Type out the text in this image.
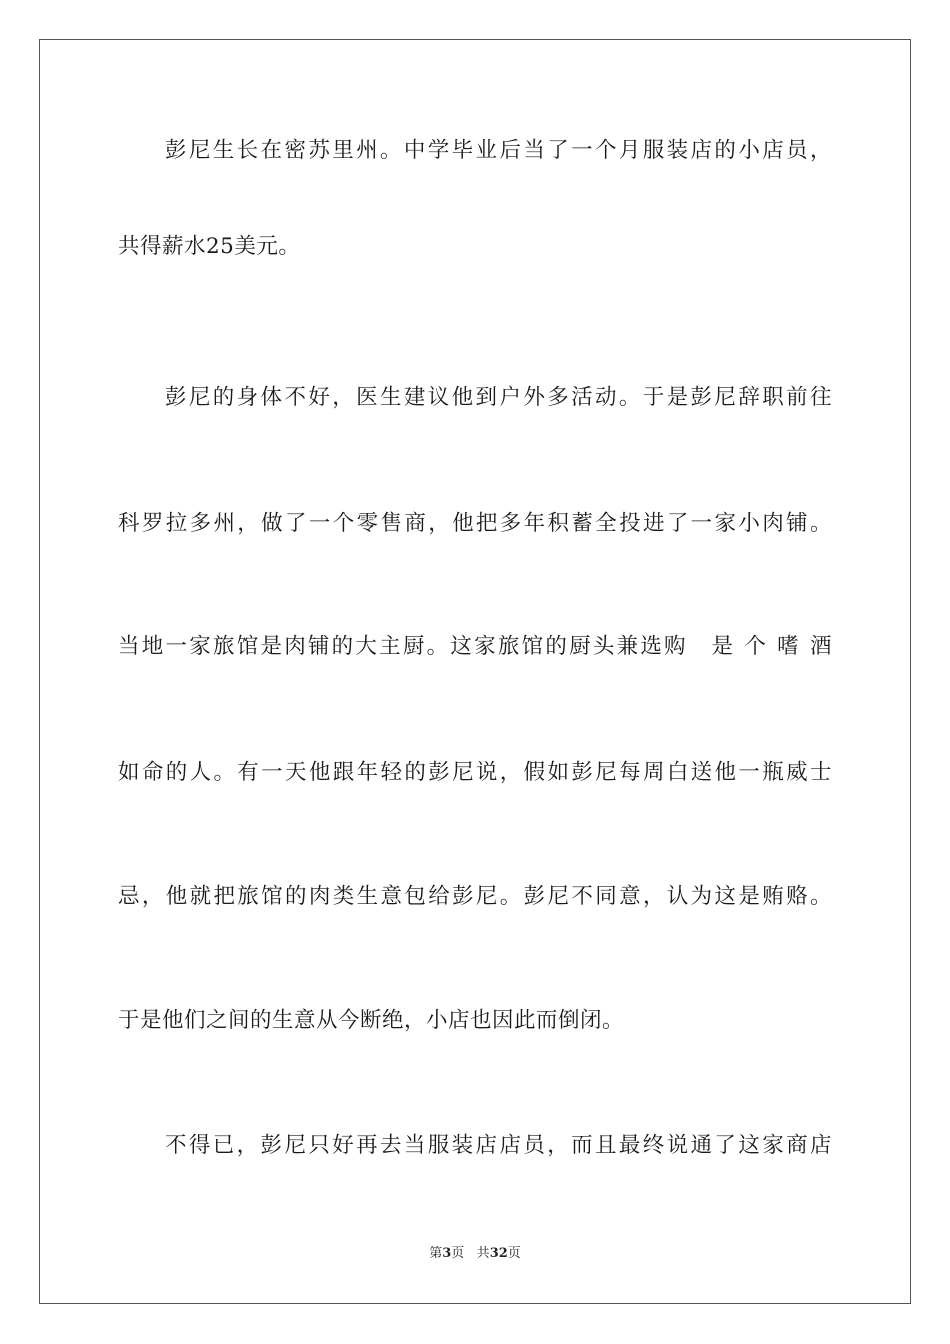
彭尼生长在密苏里州。中学毕业后当了一个月服装店的小店员，
共得薪水25美元。
彭尼的身体不好，医生建议他到户外多活动。于是彭尼辞职前往
科罗拉多州，做了一个零售商，他把多年积蓄全投进了一家小肉铺。
当地一家旅馆是肉铺的大主厨。这家旅馆的厨头兼选购　是 个 嗜 酒
如命的人。有一天他跟年轻的彭尼说，假如彭尼每周白送他一瓶威士
忌，他就把旅馆的肉类生意包给彭尼。彭尼不同意，认为这是贿赂。
于是他们之间的生意从今断绝，小店也因此而倒闭。
不得已，彭尼只好再去当服装店店员，而且最终说通了这家商店
第3页 共32页
